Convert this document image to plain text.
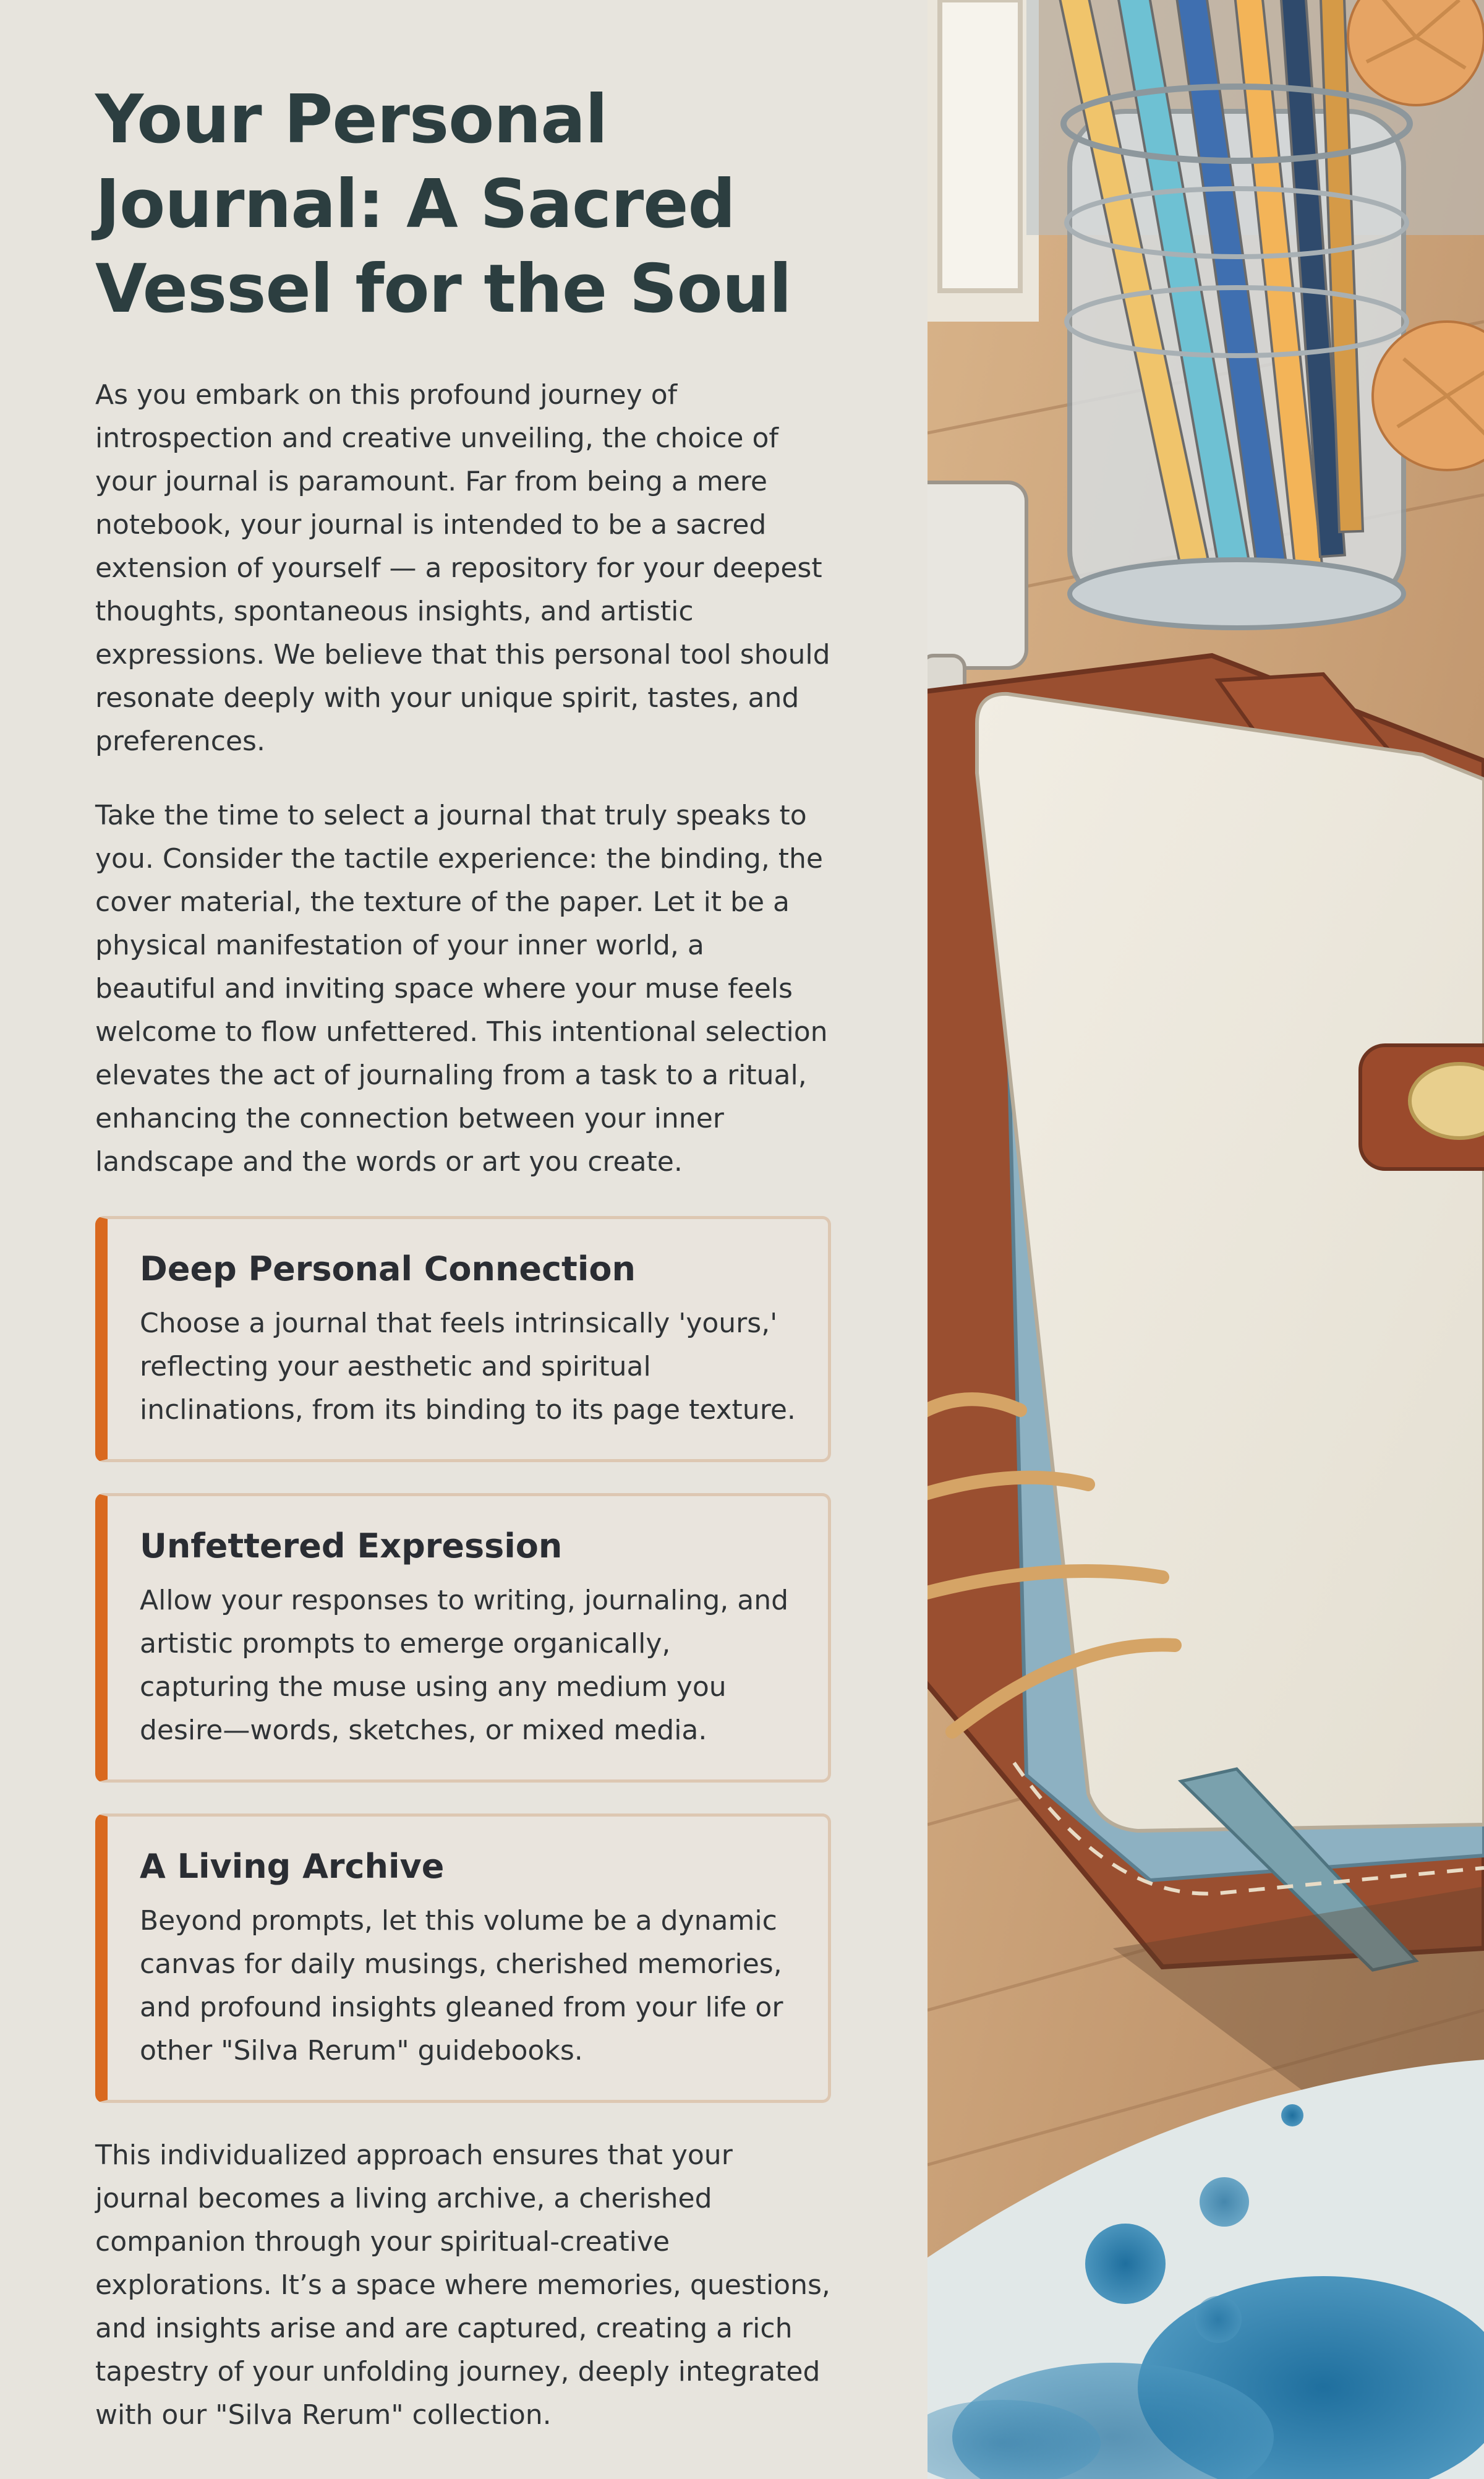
Your Personal Journal: A Sacred Vessel for the Soul

As you embark on this profound journey of introspection and creative unveiling, the choice of your journal is paramount. Far from being a mere notebook, your journal is intended to be a sacred extension of yourself — a repository for your deepest thoughts, spontaneous insights, and artistic expressions. We believe that this personal tool should resonate deeply with your unique spirit, tastes, and preferences.

Take the time to select a journal that truly speaks to you. Consider the tactile experience: the binding, the cover material, the texture of the paper. Let it be a physical manifestation of your inner world, a beautiful and inviting space where your muse feels welcome to flow unfettered. This intentional selection elevates the act of journaling from a task to a ritual, enhancing the connection between your inner landscape and the words or art you create.

Deep Personal Connection

Choose a journal that feels intrinsically 'yours,' reflecting your aesthetic and spiritual inclinations, from its binding to its page texture.

Unfettered Expression

Allow your responses to writing, journaling, and artistic prompts to emerge organically, capturing the muse using any medium you desire—words, sketches, or mixed media.

A Living Archive

Beyond prompts, let this volume be a dynamic canvas for daily musings, cherished memories, and profound insights gleaned from your life or other "Silva Rerum" guidebooks.

This individualized approach ensures that your journal becomes a living archive, a cherished companion through your spiritual-creative explorations. It’s a space where memories, questions, and insights arise and are captured, creating a rich tapestry of your unfolding journey, deeply integrated with our "Silva Rerum" collection.
